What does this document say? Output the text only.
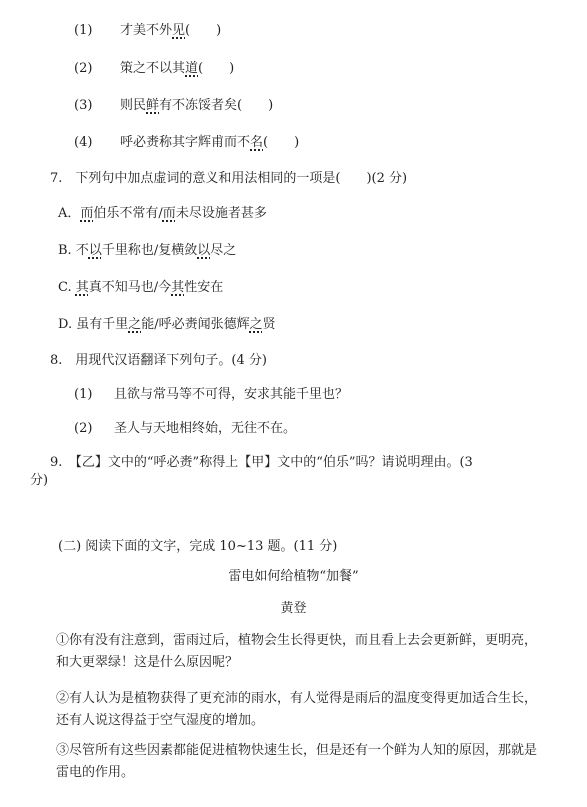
(1) 才美不外见(　　)
(2) 策之不以其道(　　)
(3) 则民鲜有不冻馁者矣(　　)
(4) 呼必赉称其字辉甫而不名(　　)
7.　下列句中加点虚词的意义和用法相同的一项是(　　)(2 分)
A．而伯乐不常有/而未尽设施者甚多
B. 不以千里称也/复横敛以尽之
C. 其真不知马也/今其性安在
D. 虽有千里之能/呼必赉闻张德辉之贤
8.　用现代汉语翻译下列句子。(4 分)
(1) 且欲与常马等不可得，安求其能千里也？
(2) 圣人与天地相终始，无往不在。
9.　【乙】文中的“呼必赉”称得上【甲】文中的“伯乐”吗？请说明理由。(3
分)
(二) 阅读下面的文字，完成 10~13 题。(11 分)
雷电如何给植物“加餐”
黄登
①你有没有注意到，雷雨过后，植物会生长得更快，而且看上去会更新鲜，更明亮，和大更翠绿！这是什么原因呢？
②有人认为是植物获得了更充沛的雨水，有人觉得是雨后的温度变得更加适合生长，还有人说这得益于空气湿度的增加。
③尽管所有这些因素都能促进植物快速生长，但是还有一个鲜为人知的原因，那就是雷电的作用。
